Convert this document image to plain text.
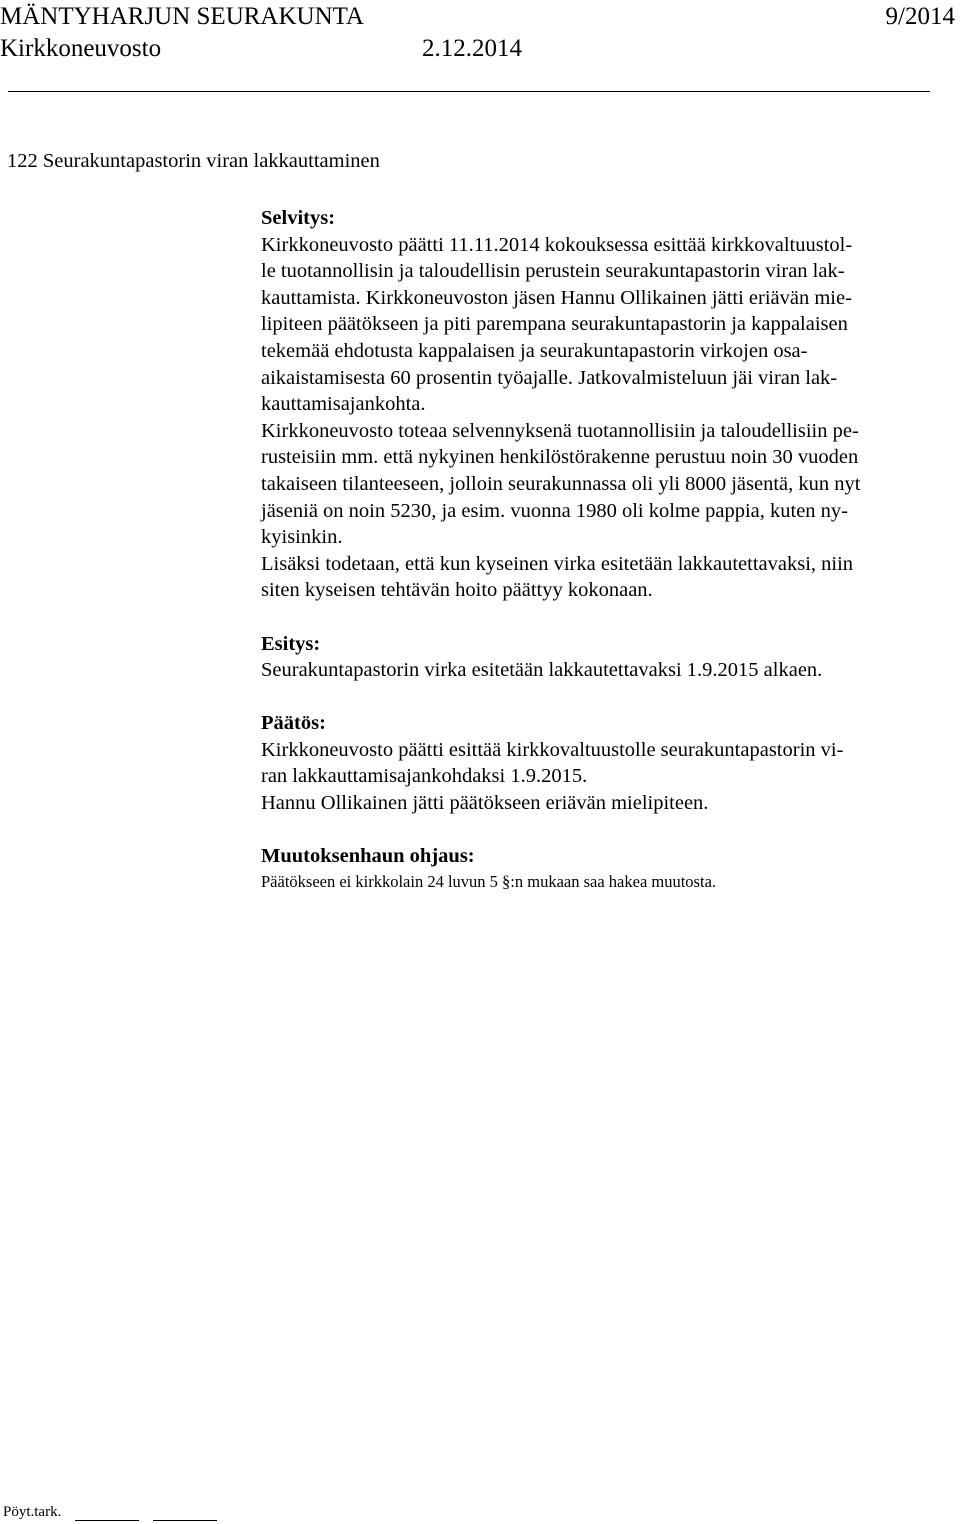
MÄNTYHARJUN SEURAKUNTA	9/2014
Kirkkoneuvosto	2.12.2014
122 Seurakuntapastorin viran lakkauttaminen
Selvitys:
Kirkkoneuvosto päätti 11.11.2014 kokouksessa esittää kirkkovaltuustol-
le tuotannollisin ja taloudellisin perustein seurakuntapastorin viran lak-
kauttamista. Kirkkoneuvoston jäsen Hannu Ollikainen jätti eriävän mie-
lipiteen päätökseen ja piti parempana seurakuntapastorin ja kappalaisen
tekemää ehdotusta kappalaisen ja seurakuntapastorin virkojen osa-
aikaistamisesta 60 prosentin työajalle. Jatkovalmisteluun jäi viran lak-
kauttamisajankohta.
Kirkkoneuvosto toteaa selvennyksenä tuotannollisiin ja taloudellisiin pe-
rusteisiin mm. että nykyinen henkilöstörakenne perustuu noin 30 vuoden
takaiseen tilanteeseen, jolloin seurakunnassa oli yli 8000 jäsentä, kun nyt
jäseniä on noin 5230, ja esim. vuonna 1980 oli kolme pappia, kuten ny-
kyisinkin.
Lisäksi todetaan, että kun kyseinen virka esitetään lakkautettavaksi, niin
siten kyseisen tehtävän hoito päättyy kokonaan.
Esitys:
Seurakuntapastorin virka esitetään lakkautettavaksi 1.9.2015 alkaen.
Päätös:
Kirkkoneuvosto päätti esittää kirkkovaltuustolle seurakuntapastorin vi-
ran lakkauttamisajankohdaksi 1.9.2015.
Hannu Ollikainen jätti päätökseen eriävän mielipiteen.
Muutoksenhaun ohjaus:
Päätökseen ei kirkkolain 24 luvun 5 §:n mukaan saa hakea muutosta.
Pöyt.tark.
